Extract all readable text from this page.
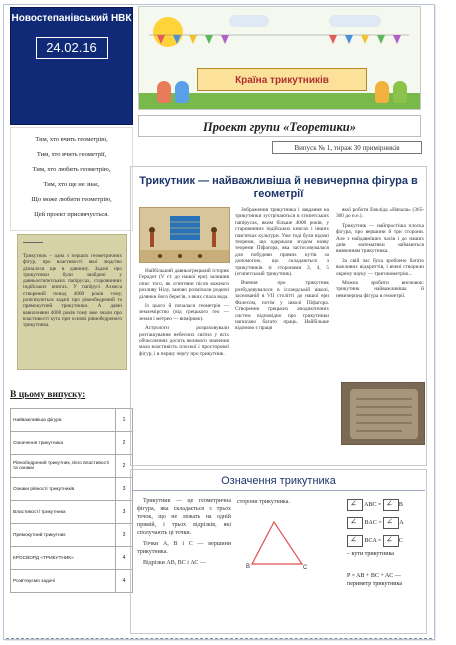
Новостепанівський НВК
24.02.16
Тим, хто вчить геометрію,
Тим, хто вчить геометрії,
Тим, хто любить геометрію,
Тим, хто ще не знає,
Що може любити геометрію,
Цей проект присвячується.
Трикутник – одна з перших геометричних фігур, про властивості якої людство дізналося ще в давнину. Задачі про трикутники були знайдені у давньоєгипетських папірусах, старовинних індійських книгах. У папірусі Ахмеса створений понад 4000 років тому, розв'язуються задачі про рівнобедрений та прямокутний трикутники. А давні вавилоняни 4000 років тому вже знали про властивості кута при основі рівнобедреного трикутника.
В цьому випуску:
Найважливіша фігура	1
Означення трикутника	2
Рівнобедрений трикутник, його властивості та ознаки	2
Ознаки рівності трикутників	3
Властивості трикутника	3
Прямокутний трикутник	3
КРОСВОРД «ТРИКУТНИК»	4
Розв'язуємо задачі	4
Країна трикутників
Проект групи «Теоретики»
Випуск № 1, тираж 30 примірників
Трикутник — найважливіша й невичерпна фігура в геометрії

Найбільший давньогрецький історик Геродот (V ст. до нашої ери) залишив опис того, як єгиптяни після кожного розливу Нілу, заново розмічали родючі ділянки його берегів, з яких спала вода.

Із цього й почалася геометрія — землемірство (від грецького гео — земля і метрео — вимірюю).

Астрологи розраховували розташування небесних світил у всіх обчисленнях досить великого значення мала властивість плоскої і просторової фігур, і в першу чергу про трикутник.

Зображення трикутника і завдання на трикутники зустрічаються в єгипетських папірусах, яким більше 4000 років, у старовинних індійських книгах і інших пам'ятках культури. Уже тоді були відомі теореми, що одержали згодом назву теореми Піфагора, яка застосовувалася для побудови прямих кутів за допомогою, що складаються з трикутників зі сторонами 3, 4, 5 (єгипетський трикутник).

Вчення про трикутник розбудовувалося в ісландській школі, заснованій в VII столітті до нашої ери Фалесом, потім у школі Піфагора. Створення грецьких аподиктичних систем відповідно про трикутники написано багато праць. Найбільше відомою є праця

якої роботи Евкліда «Начала» (365-300 до н.е.).

Трикутник — найпростіша плоска фігура, про вершини й три сторони. Але з найдавніших часів і до наших днів математики займаються вивченням трикутника.

За свій час була зроблено багато важливих відкриттів, і вчені створили окрему науку — тригонометрію...

Можна зробити висновок: трикутник найважливіша й невичерпна фігура в геометрії.

Означення трикутника

Трикутник — це геометрична фігура, яка складається з трьох точок, що не лежать на одній прямій, і трьох відрізків, які сполучають ці точки.

Точки А, В і С — вершини трикутника.

Відрізки АВ, ВС і АС —

сторони трикутника.
B	C
∠ ABC = ∠	В
∠ BAC = ∠	А
∠ BCA = ∠	С
– кути трикутника
P = AB + BC + AC —
периметр трикутника
